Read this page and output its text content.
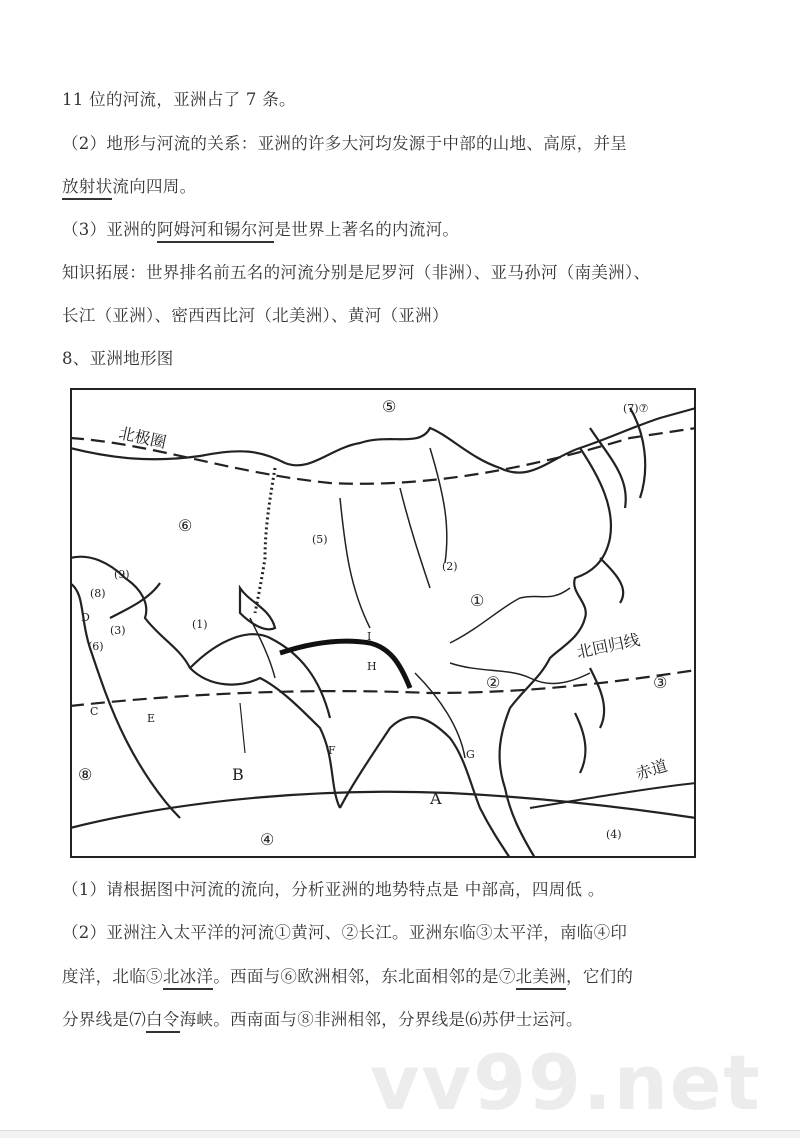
11 位的河流，亚洲占了 7 条。
（2）地形与河流的关系：亚洲的许多大河均发源于中部的山地、高原，并呈
放射状流向四周。
（3）亚洲的阿姆河和锡尔河是世界上著名的内流河。
知识拓展：世界排名前五名的河流分别是尼罗河（非洲）、亚马孙河（南美洲）、
长江（亚洲）、密西西比河（北美洲）、黄河（亚洲）
8、亚洲地形图
⑤	(7)⑦
北极圈
⑥
(5)
(9)
(8)
D
(3)
(6)
(1)
(2)
①
I
H
②
北回归线
③
C
E
F	G
B
⑧
A
赤道
④	(4)
（1）请根据图中河流的流向，分析亚洲的地势特点是 中部高，四周低 。
（2）亚洲注入太平洋的河流①黄河、②长江。亚洲东临③太平洋，南临④印
度洋，北临⑤北冰洋。西面与⑥欧洲相邻，东北面相邻的是⑦北美洲，它们的
分界线是⑺白令海峡。西南面与⑧非洲相邻，分界线是⑹苏伊士运河。
vv99.net
